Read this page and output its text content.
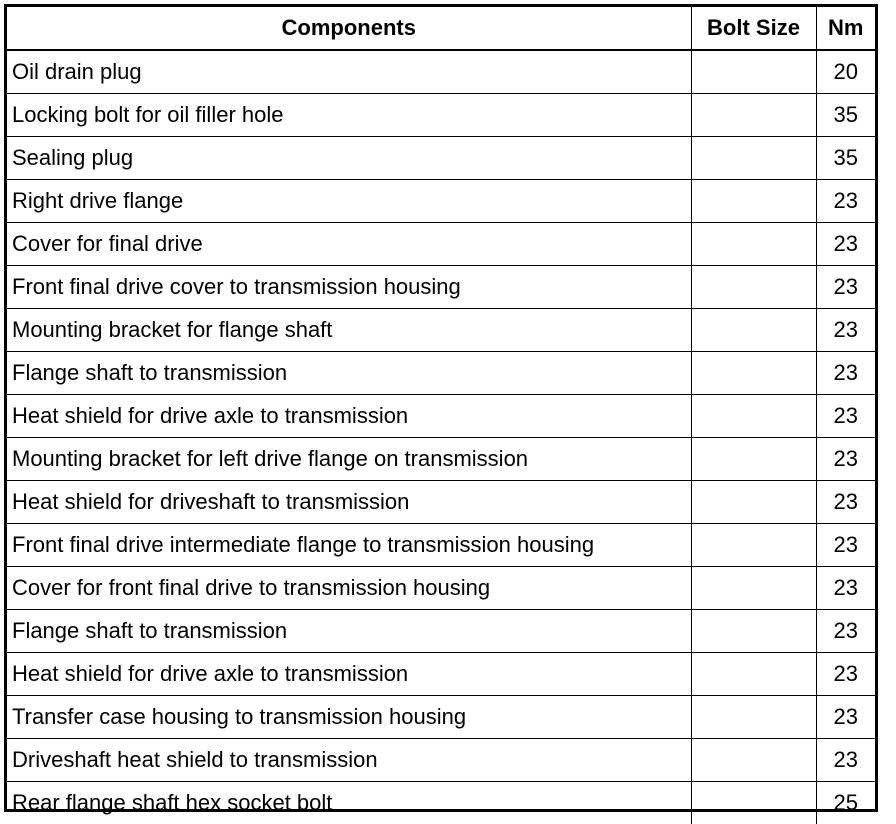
Components	Bolt Size	Nm
Oil drain plug		20
Locking bolt for oil filler hole		35
Sealing plug		35
Right drive flange		23
Cover for final drive		23
Front final drive cover to transmission housing		23
Mounting bracket for flange shaft		23
Flange shaft to transmission		23
Heat shield for drive axle to transmission		23
Mounting bracket for left drive flange on transmission		23
Heat shield for driveshaft to transmission		23
Front final drive intermediate flange to transmission housing		23
Cover for front final drive to transmission housing		23
Flange shaft to transmission		23
Heat shield for drive axle to transmission		23
Transfer case housing to transmission housing		23
Driveshaft heat shield to transmission		23
Rear flange shaft hex socket bolt		25
